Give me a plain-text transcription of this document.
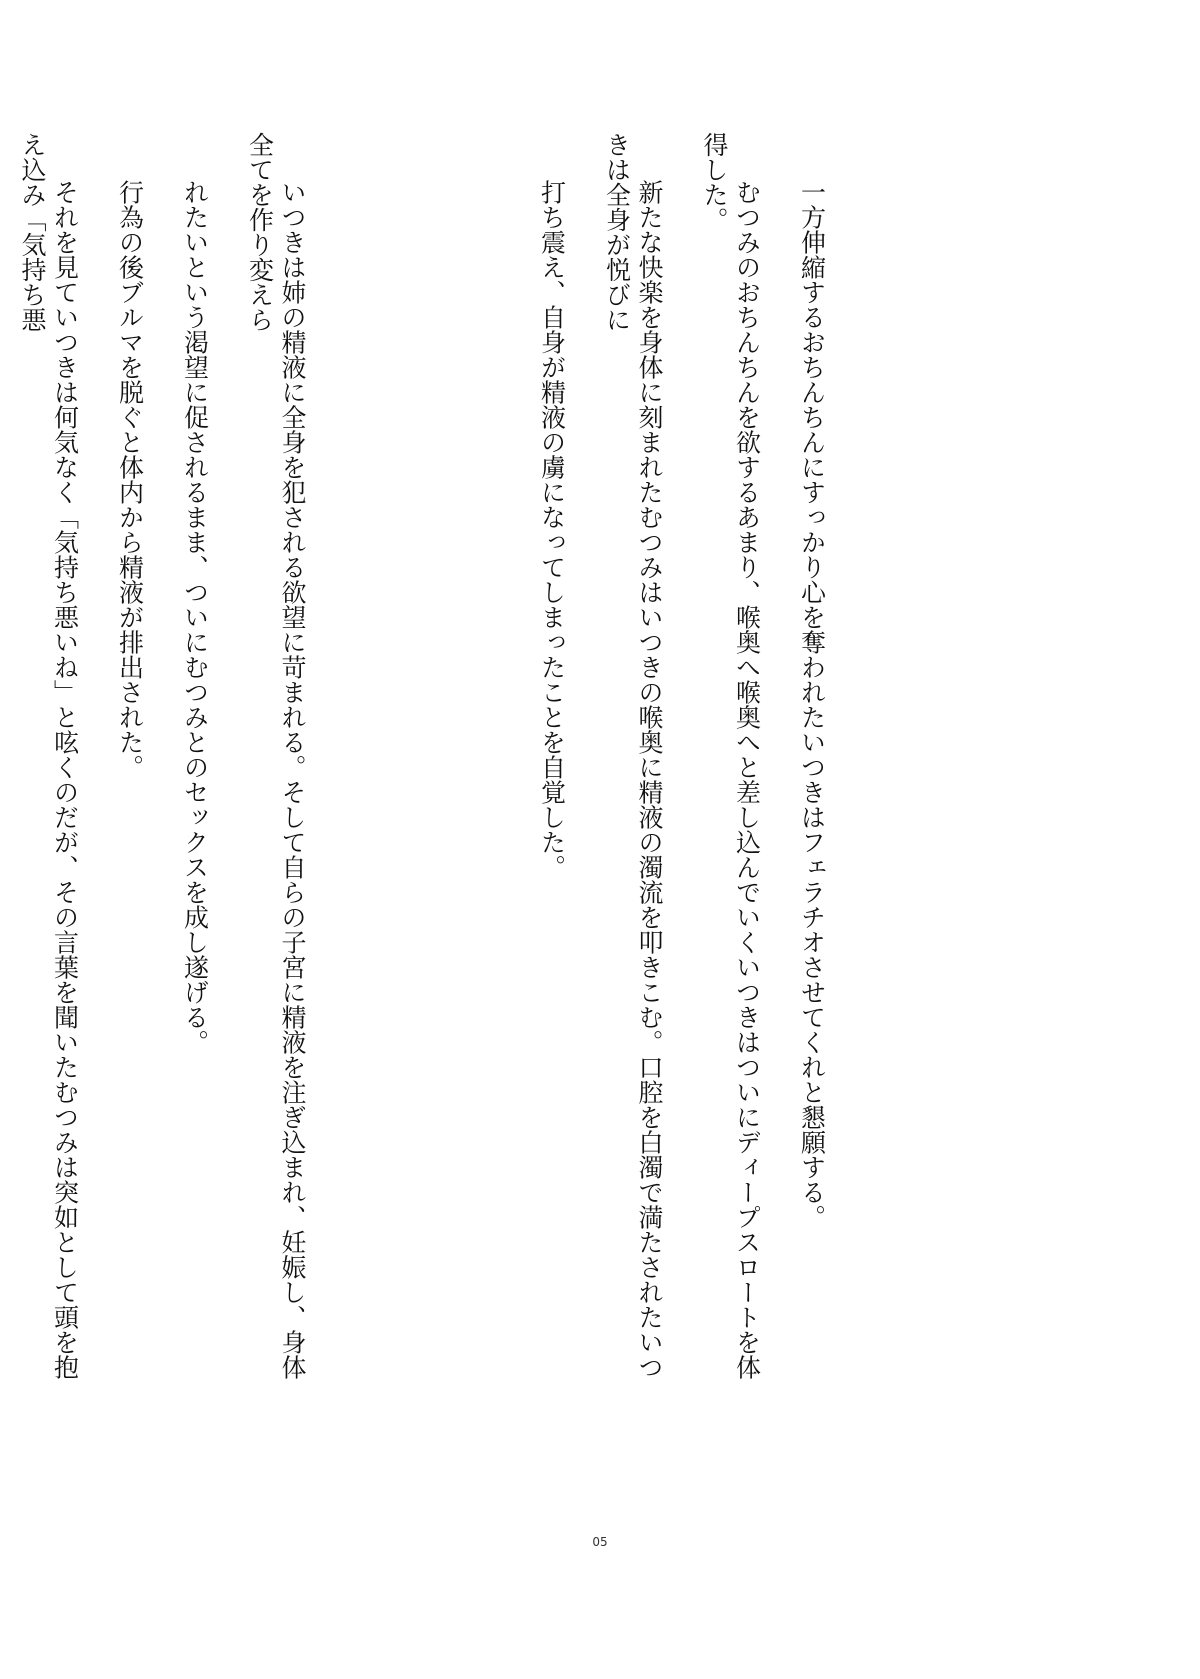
一方伸縮するおちんちんにすっかり心を奪われたいつきはフェラチオさせてくれと懇願する。

むつみのおちんちんを欲するあまり、喉奥へ喉奥へと差し込んでいくいつきはついにディープスロートを体得した。

新たな快楽を身体に刻まれたむつみはいつきの喉奥に精液の濁流を叩きこむ。口腔を白濁で満たされたいつきは全身が悦びに

打ち震え、自身が精液の虜になってしまったことを自覚した。

いつきは姉の精液に全身を犯される欲望に苛まれる。そして自らの子宮に精液を注ぎ込まれ、妊娠し、身体全てを作り変えら

れたいという渇望に促されるまま、ついにむつみとのセックスを成し遂げる。

行為の後ブルマを脱ぐと体内から精液が排出された。

それを見ていつきは何気なく「気持ち悪いね」と呟くのだが、その言葉を聞いたむつみは突如として頭を抱え込み「気持ち悪

05
